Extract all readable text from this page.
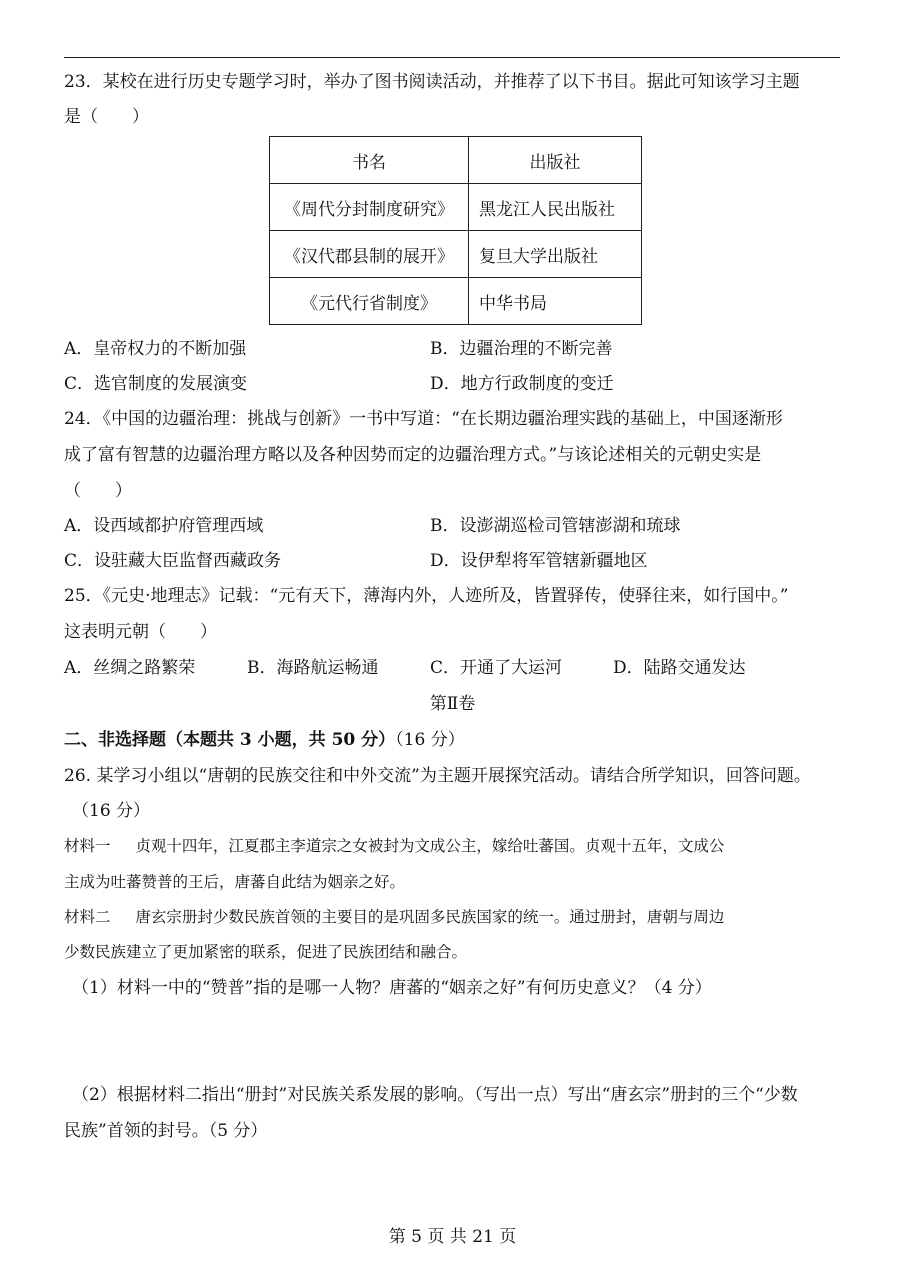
23．某校在进行历史专题学习时，举办了图书阅读活动，并推荐了以下书目。据此可知该学习主题
是（　　）
书名	出版社
《周代分封制度研究》	黑龙江人民出版社
《汉代郡县制的展开》	复旦大学出版社
《元代行省制度》	中华书局
A．皇帝权力的不断加强	B．边疆治理的不断完善
C．选官制度的发展演变	D．地方行政制度的变迁
24．《中国的边疆治理：挑战与创新》一书中写道：“在长期边疆治理实践的基础上，中国逐渐形
成了富有智慧的边疆治理方略以及各种因势而定的边疆治理方式。”与该论述相关的元朝史实是
（　　）
A．设西域都护府管理西域	B．设澎湖巡检司管辖澎湖和琉球
C．设驻藏大臣监督西藏政务	D．设伊犁将军管辖新疆地区
25．《元史·地理志》记载：“元有天下，薄海内外，人迹所及，皆置驿传，使驿往来，如行国中。”
这表明元朝（　　）
A．丝绸之路繁荣	B．海路航运畅通	C．开通了大运河	D．陆路交通发达
第Ⅱ卷
二、非选择题（本题共 3 小题，共 50 分）（16 分）
26. 某学习小组以“唐朝的民族交往和中外交流”为主题开展探究活动。请结合所学知识，回答问题。
（16 分）
材料一　 贞观十四年，江夏郡主李道宗之女被封为文成公主，嫁给吐蕃国。贞观十五年，文成公
主成为吐蕃赞普的王后，唐蕃自此结为姻亲之好。
材料二　 唐玄宗册封少数民族首领的主要目的是巩固多民族国家的统一。通过册封，唐朝与周边
少数民族建立了更加紧密的联系，促进了民族团结和融合。
（1）材料一中的“赞普”指的是哪一人物？唐蕃的“姻亲之好”有何历史意义？（4 分）
（2）根据材料二指出“册封”对民族关系发展的影响。（写出一点）写出“唐玄宗”册封的三个“少数
民族”首领的封号。（5 分）
第 5 页 共 21 页
